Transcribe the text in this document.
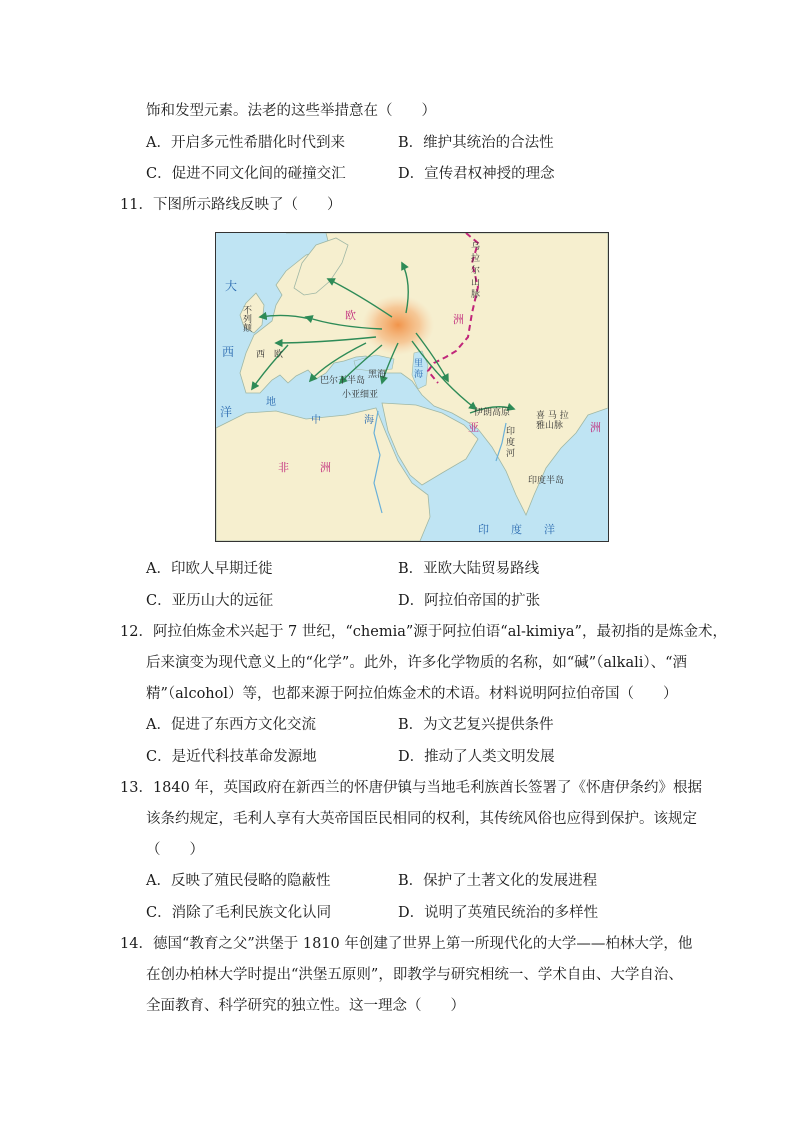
饰和发型元素。法老的这些举措意在（　　）
A．开启多元性希腊化时代到来	B．维护其统治的合法性
C．促进不同文化间的碰撞交汇	D．宣传君权神授的理念
11．下图所示路线反映了（　　）
大
西
洋
不
列
颠
西　欧
欧	洲
乌
拉
尔
山
脉
巴尔干半岛
黑海
小亚细亚
里
海
伊朗高原
亚	洲
地
中	海
非	洲
印
度
河
喜 马 拉
雅山脉
印度半岛
印度洋
A．印欧人早期迁徙	B．亚欧大陆贸易路线
C．亚历山大的远征	D．阿拉伯帝国的扩张
12．阿拉伯炼金术兴起于 7 世纪，“chemia”源于阿拉伯语“al-kimiya”，最初指的是炼金术，
后来演变为现代意义上的“化学”。此外，许多化学物质的名称，如“碱”（alkali）、“酒
精”（alcohol）等，也都来源于阿拉伯炼金术的术语。材料说明阿拉伯帝国（　　）
A．促进了东西方文化交流	B．为文艺复兴提供条件
C．是近代科技革命发源地	D．推动了人类文明发展
13．1840 年，英国政府在新西兰的怀唐伊镇与当地毛利族酋长签署了《怀唐伊条约》根据
该条约规定，毛利人享有大英帝国臣民相同的权利，其传统风俗也应得到保护。该规定
（　　）
A．反映了殖民侵略的隐蔽性	B．保护了土著文化的发展进程
C．消除了毛利民族文化认同	D．说明了英殖民统治的多样性
14．德国“教育之父”洪堡于 1810 年创建了世界上第一所现代化的大学——柏林大学，他
在创办柏林大学时提出“洪堡五原则”，即教学与研究相统一、学术自由、大学自治、
全面教育、科学研究的独立性。这一理念（　　）
